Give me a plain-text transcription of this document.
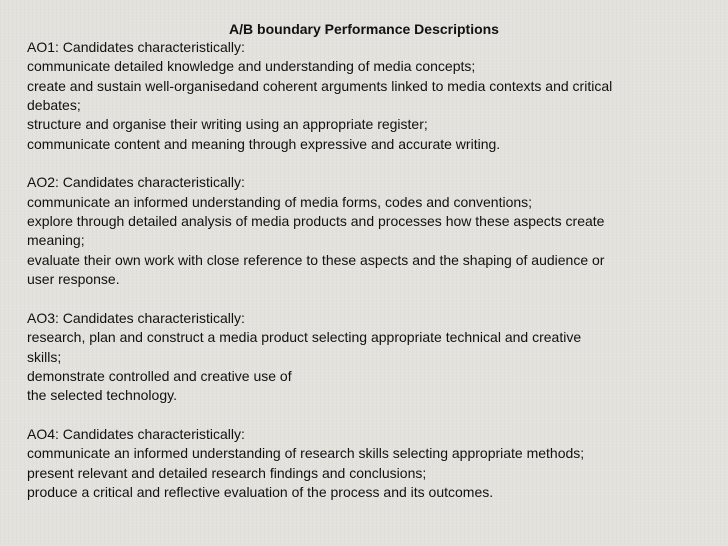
A/B boundary Performance Descriptions
AO1: Candidates characteristically:
communicate detailed knowledge and understanding of media concepts;
create and sustain well-organisedand coherent arguments linked to media contexts and critical
debates;
structure and organise their writing using an appropriate register;
communicate content and meaning through expressive and accurate writing.
AO2: Candidates characteristically:
communicate an informed understanding of media forms, codes and conventions;
explore through detailed analysis of media products and processes how these aspects create
meaning;
evaluate their own work with close reference to these aspects and the shaping of audience or
user response.
AO3: Candidates characteristically:
research, plan and construct a media product selecting appropriate technical and creative
skills;
demonstrate controlled and creative use of
the selected technology.
AO4: Candidates characteristically:
communicate an informed understanding of research skills selecting appropriate methods;
present relevant and detailed research findings and conclusions;
produce a critical and reflective evaluation of the process and its outcomes.
